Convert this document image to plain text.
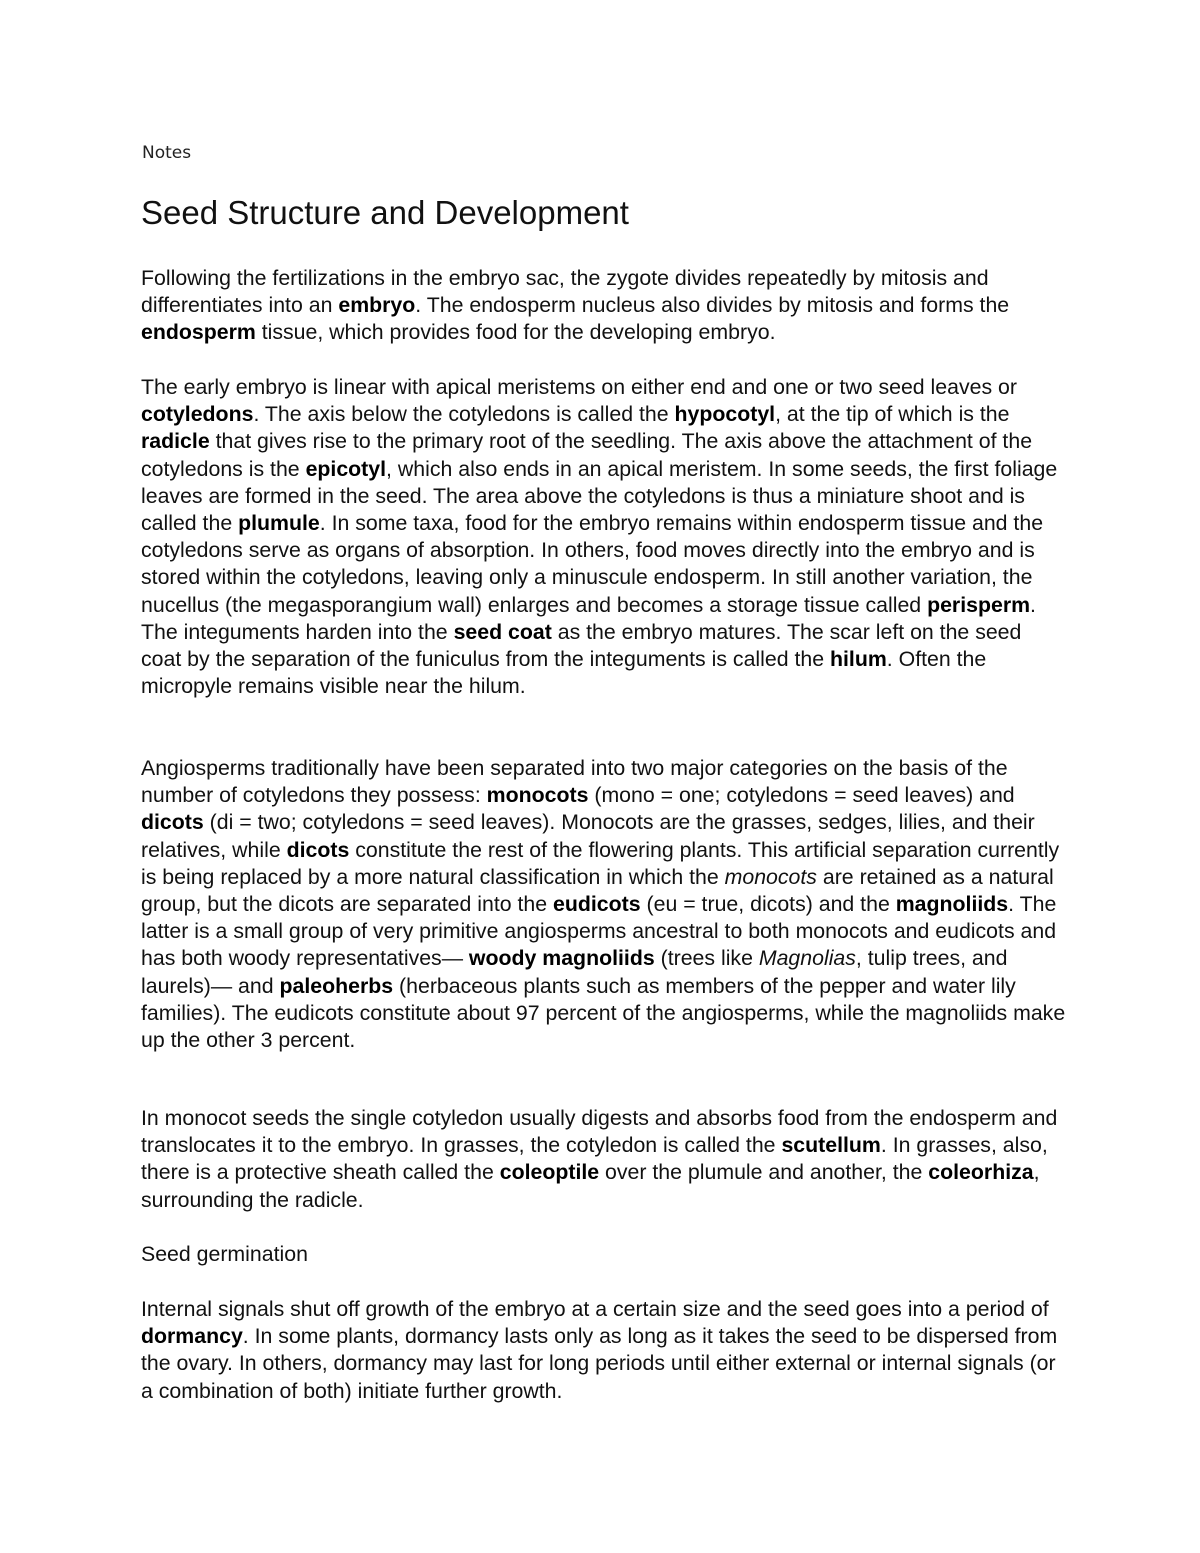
Notes

Seed Structure and Development

Following the fertilizations in the embryo sac, the zygote divides repeatedly by mitosis and differentiates into an embryo. The endosperm nucleus also divides by mitosis and forms the endosperm tissue, which provides food for the developing embryo.

The early embryo is linear with apical meristems on either end and one or two seed leaves or cotyledons. The axis below the cotyledons is called the hypocotyl, at the tip of which is the radicle that gives rise to the primary root of the seedling. The axis above the attachment of the cotyledons is the epicotyl, which also ends in an apical meristem. In some seeds, the first foliage leaves are formed in the seed. The area above the cotyledons is thus a miniature shoot and is called the plumule. In some taxa, food for the embryo remains within endosperm tissue and the cotyledons serve as organs of absorption. In others, food moves directly into the embryo and is stored within the cotyledons, leaving only a minuscule endosperm. In still another variation, the nucellus (the megasporangium wall) enlarges and becomes a storage tissue called perisperm. The integuments harden into the seed coat as the embryo matures. The scar left on the seed coat by the separation of the funiculus from the integuments is called the hilum. Often the micropyle remains visible near the hilum.

Angiosperms traditionally have been separated into two major categories on the basis of the number of cotyledons they possess: monocots (mono = one; cotyledons = seed leaves) and dicots (di = two; cotyledons = seed leaves). Monocots are the grasses, sedges, lilies, and their relatives, while dicots constitute the rest of the flowering plants. This artificial separation currently is being replaced by a more natural classification in which the monocots are retained as a natural group, but the dicots are separated into the eudicots (eu = true, dicots) and the magnoliids. The latter is a small group of very primitive angiosperms ancestral to both monocots and eudicots and has both woody representatives— woody magnoliids (trees like Magnolias, tulip trees, and laurels)— and paleoherbs (herbaceous plants such as members of the pepper and water lily families). The eudicots constitute about 97 percent of the angiosperms, while the magnoliids make up the other 3 percent.

In monocot seeds the single cotyledon usually digests and absorbs food from the endosperm and translocates it to the embryo. In grasses, the cotyledon is called the scutellum. In grasses, also, there is a protective sheath called the coleoptile over the plumule and another, the coleorhiza, surrounding the radicle.

Seed germination

Internal signals shut off growth of the embryo at a certain size and the seed goes into a period of dormancy. In some plants, dormancy lasts only as long as it takes the seed to be dispersed from the ovary. In others, dormancy may last for long periods until either external or internal signals (or a combination of both) initiate further growth.
